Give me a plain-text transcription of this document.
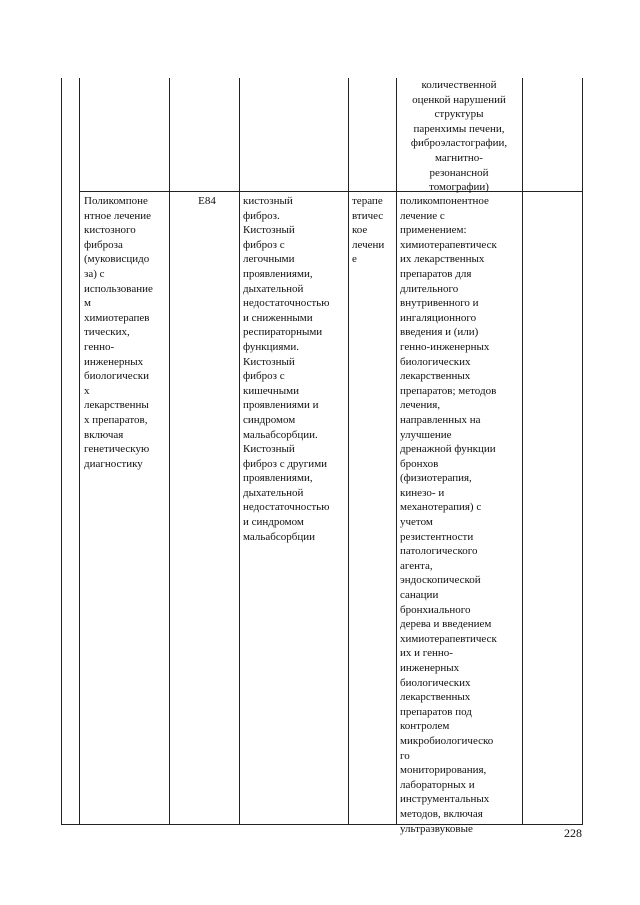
количественной
оценкой нарушений
структуры
паренхимы печени,
фиброэластографии,
магнитно-
резонансной
томографии)

Поликомпоне
нтное лечение
кистозного
фиброза
(муковисцидо
за) с
использование
м
химиотерапев
тических,
генно-
инженерных
биологически
х
лекарственны
х препаратов,
включая
генетическую
диагностику

E84	кистозный
фиброз.
Кистозный
фиброз с
легочными
проявлениями,
дыхательной
недостаточностью
и сниженными
респираторными
функциями.
Кистозный
фиброз с
кишечными
проявлениями и
синдромом
мальабсорбции.
Кистозный
фиброз с другими
проявлениями,
дыхательной
недостаточностью
и синдромом
мальабсорбции

терапе
втичес
кое
лечени
е

поликомпонентное
лечение с
применением:
химиотерапевтическ
их лекарственных
препаратов для
длительного
внутривенного и
ингаляционного
введения и (или)
генно-инженерных
биологических
лекарственных
препаратов; методов
лечения,
направленных на
улучшение
дренажной функции
бронхов
(физиотерапия,
кинезо- и
механотерапия) с
учетом
резистентности
патологического
агента,
эндоскопической
санации
бронхиального
дерева и введением
химиотерапевтическ
их и генно-
инженерных
биологических
лекарственных
препаратов под
контролем
микробиологическо
го
мониторирования,
лабораторных и
инструментальных
методов, включая
ультразвуковые	228
